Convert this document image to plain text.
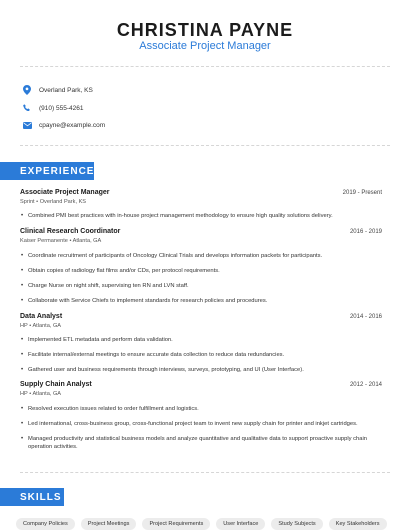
CHRISTINA PAYNE
Associate Project Manager
Overland Park, KS
(910) 555-4261
cpayne@example.com
EXPERIENCE
Associate Project Manager	2019 - Present
Sprint • Overland Park, KS
• Combined PMI best practices with in-house project management methodology to ensure high quality solutions delivery.
Clinical Research Coordinator	2016 - 2019
Kaiser Permanente • Atlanta, GA
• Coordinate recruitment of participants of Oncology Clinical Trials and develops information packets for participants.
• Obtain copies of radiology flat films and/or CDs, per protocol requirements.
• Charge Nurse on night shift, supervising ten RN and LVN staff.
• Collaborate with Service Chiefs to implement standards for research policies and procedures.
Data Analyst	2014 - 2016
HP • Atlanta, GA
• Implemented ETL metadata and perform data validation.
• Facilitate internal/external meetings to ensure accurate data collection to reduce data redundancies.
• Gathered user and business requirements through interviews, surveys, prototyping, and UI (User Interface).
Supply Chain Analyst	2012 - 2014
HP • Atlanta, GA
• Resolved execution issues related to order fulfillment and logistics.
• Led international, cross-business group, cross-functional project team to invent new supply chain for printer and inkjet cartridges.
• Managed productivity and statistical business models and analyze quantitative and qualitative data to support proactive supply chain operation activities.
SKILLS
Company Policies	Project Meetings	Project Requirements	User Interface	Study Subjects	Key Stakeholders
